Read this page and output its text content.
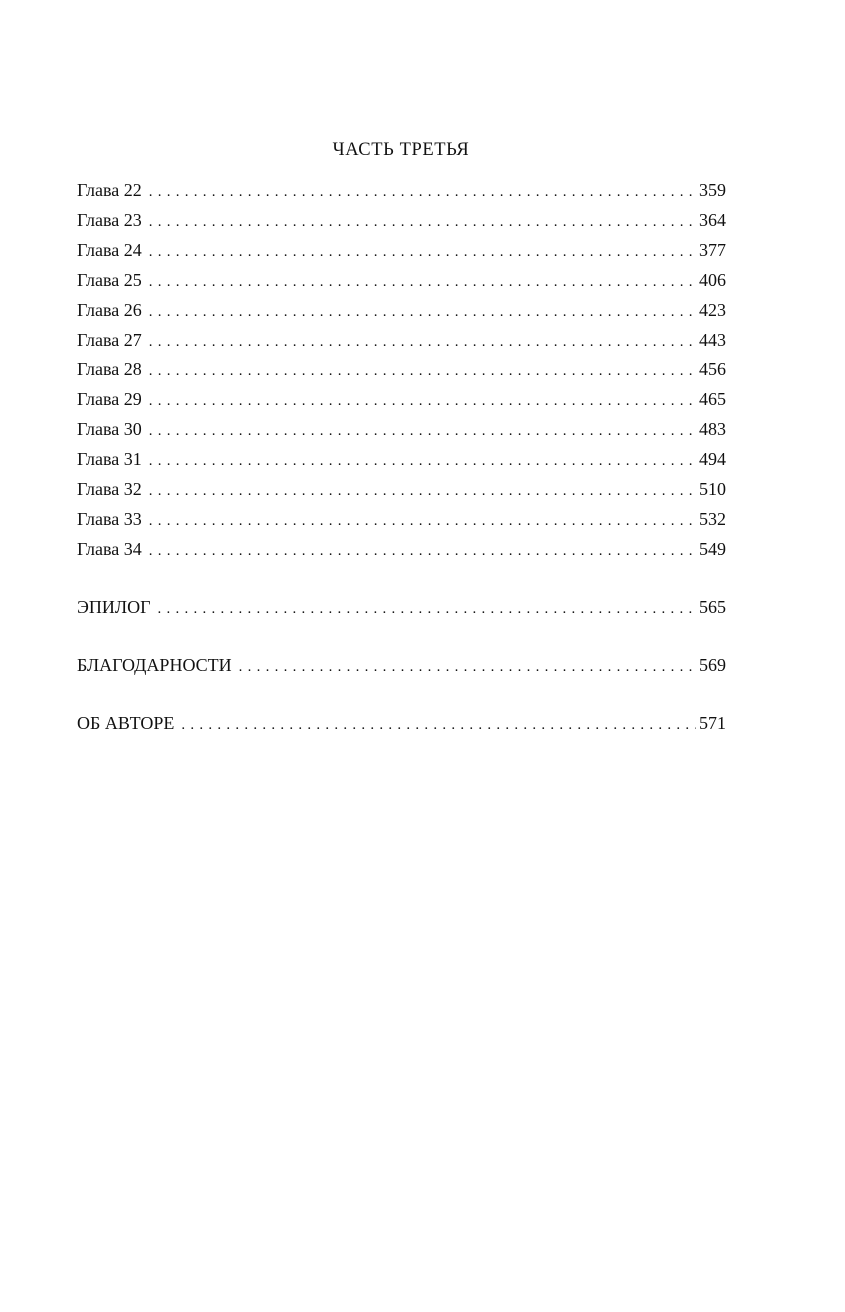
ЧАСТЬ ТРЕТЬЯ
Глава 22 . . .	359
Глава 23 . . .	364
Глава 24 . . .	377
Глава 25 . . .	406
Глава 26 . . .	423
Глава 27 . . .	443
Глава 28 . . .	456
Глава 29 . . .	465
Глава 30 . . .	483
Глава 31 . . .	494
Глава 32 . . .	510
Глава 33 . . .	532
Глава 34 . . .	549
ЭПИЛОГ . . .	565
БЛАГОДАРНОСТИ . . .	569
ОБ АВТОРЕ . . .	571
